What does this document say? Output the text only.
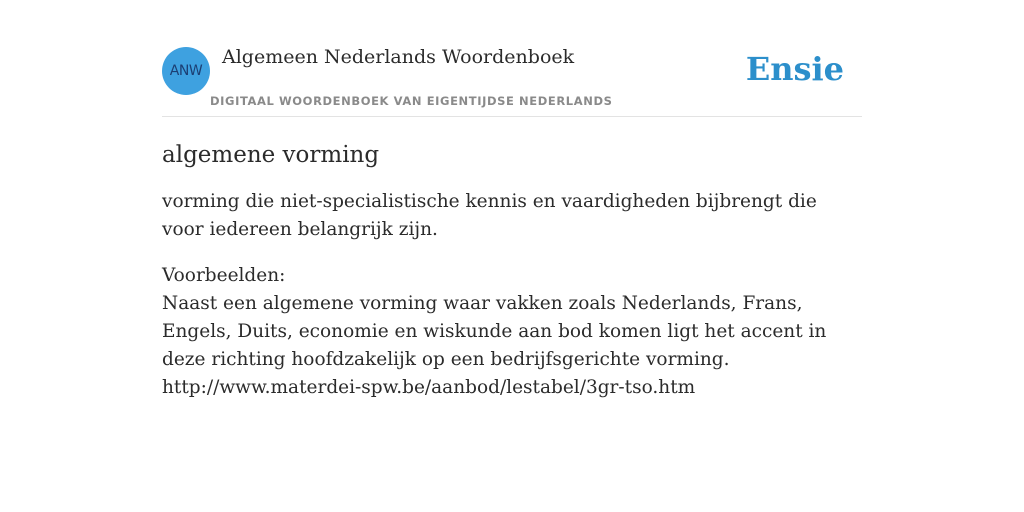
ANW
Algemeen Nederlands Woordenboek
DIGITAAL WOORDENBOEK VAN EIGENTIJDSE NEDERLANDS
Ensie
algemene vorming

vorming die niet-specialistische kennis en vaardigheden bijbrengt die voor iedereen belangrijk zijn.

Voorbeelden:
Naast een algemene vorming waar vakken zoals Nederlands, Frans, Engels, Duits, economie en wiskunde aan bod komen ligt het accent in deze richting hoofdzakelijk op een bedrijfsgerichte vorming.
http://www.materdei-spw.be/aanbod/lestabel/3gr-tso.htm
